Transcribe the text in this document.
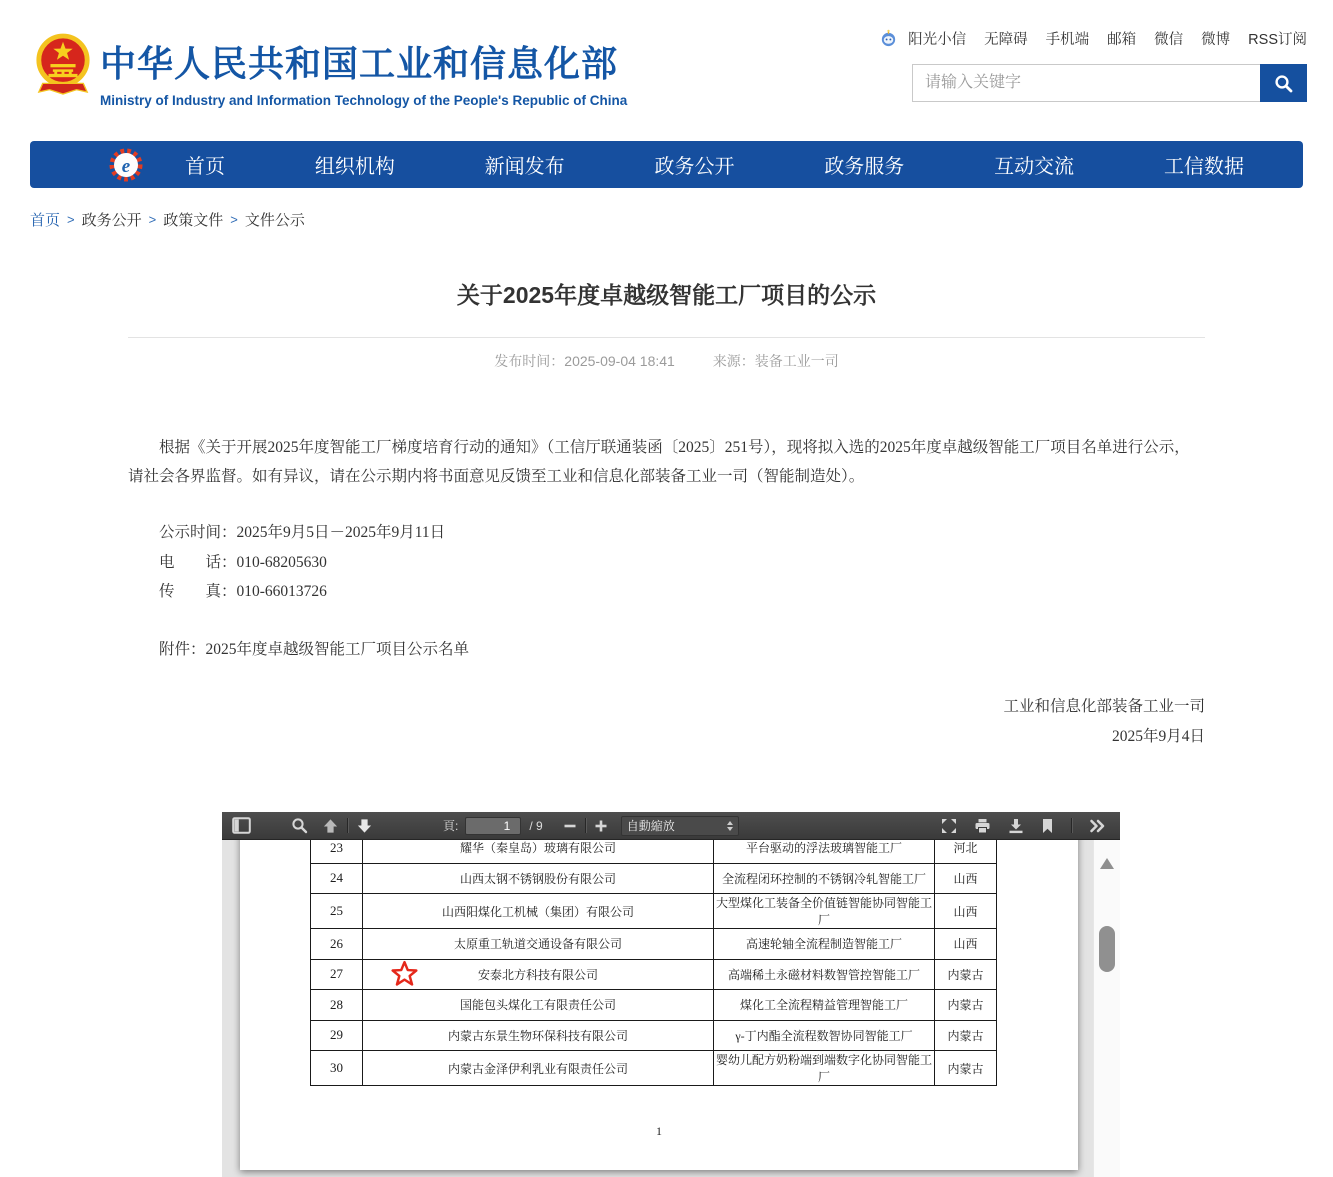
中华人民共和国工业和信息化部
Ministry of Industry and Information Technology of the People's Republic of China
阳光小信 无障碍 手机端 邮箱 微信 微博 RSS订阅
请输入关键字
e	首页	组织机构	新闻发布	政务公开	政务服务	互动交流	工信数据
首页 > 政务公开 > 政策文件 > 文件公示
关于2025年度卓越级智能工厂项目的公示
发布时间：2025-09-04 18:41	来源：装备工业一司

根据《关于开展2025年度智能工厂梯度培育行动的通知》（工信厅联通装函〔2025〕251号），现将拟入选的2025年度卓越级智能工厂项目名单进行公示，请社会各界监督。如有异议，请在公示期内将书面意见反馈至工业和信息化部装备工业一司（智能制造处）。

公示时间：2025年9月5日－2025年9月11日

电　　话：010-68205630

传　　真：010-66013726

附件：2025年度卓越级智能工厂项目公示名单

工业和信息化部装备工业一司
2025年9月4日
頁:
1	/ 9	自動縮放
23	耀华（秦皇岛）玻璃有限公司	平台驱动的浮法玻璃智能工厂	河北
24	山西太钢不锈钢股份有限公司	全流程闭环控制的不锈钢冷轧智能工厂	山西
25	山西阳煤化工机械（集团）有限公司	大型煤化工装备全价值链智能协同智能工厂	山西
26	太原重工轨道交通设备有限公司	高速轮轴全流程制造智能工厂	山西
27	安泰北方科技有限公司	高端稀土永磁材料数智管控智能工厂	内蒙古
28	国能包头煤化工有限责任公司	煤化工全流程精益管理智能工厂	内蒙古
29	内蒙古东景生物环保科技有限公司	γ-丁内酯全流程数智协同智能工厂	内蒙古
30	内蒙古金泽伊利乳业有限责任公司	婴幼儿配方奶粉端到端数字化协同智能工厂	内蒙古
1
